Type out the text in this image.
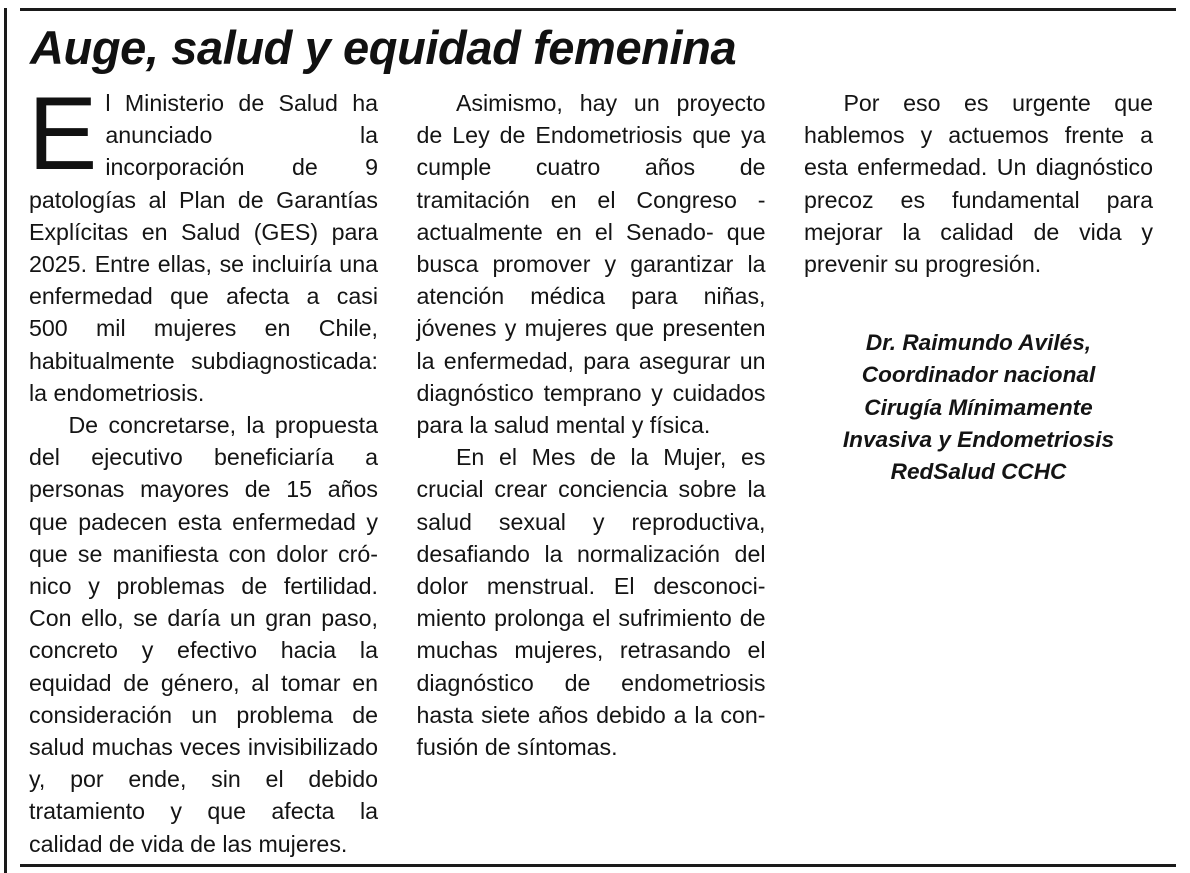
Auge, salud y equidad femenina

El Ministerio de Salud ha anunciado la incorporación de 9 patologías al Plan de Garantías Explícitas en Salud (GES) para 2025. Entre ellas, se incluiría una enfermedad que afecta a casi 500 mil mujeres en Chile, habitualmente subdiagnosticada: la endometriosis.

De concretarse, la propuesta del ejecutivo beneficiaría a personas mayores de 15 años que padecen esta enfermedad y que se manifiesta con dolor crónico y problemas de fertilidad. Con ello, se daría un gran paso, concreto y efectivo hacia la equidad de género, al tomar en consideración un problema de salud muchas veces invisibilizado y, por ende, sin el debido tratamiento y que afecta la calidad de vida de las mujeres.

Asimismo, hay un proyecto de Ley de Endometriosis que ya cumple cuatro años de tramitación en el Congreso -actualmente en el Senado- que busca promover y garantizar la atención médica para niñas, jóvenes y mujeres que presenten la enfermedad, para asegurar un diagnóstico temprano y cuidados para la salud mental y física.

En el Mes de la Mujer, es crucial crear conciencia sobre la salud sexual y reproductiva, desafiando la normalización del dolor menstrual. El desconocimiento prolonga el sufrimiento de muchas mujeres, retrasando el diagnóstico de endometriosis hasta siete años debido a la confusión de síntomas.

Por eso es urgente que hablemos y actuemos frente a esta enfermedad. Un diagnóstico precoz es fundamental para mejorar la calidad de vida y prevenir su progresión.

Dr. Raimundo Avilés,
Coordinador nacional
Cirugía Mínimamente
Invasiva y Endometriosis
RedSalud CCHC
